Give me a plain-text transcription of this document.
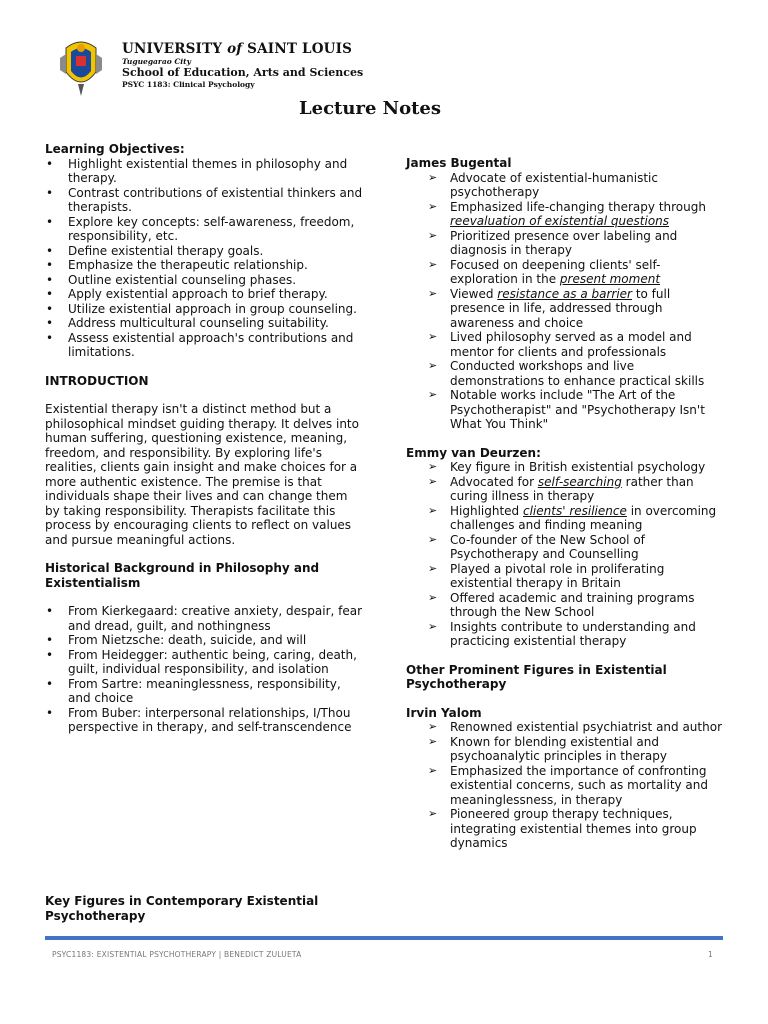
UNIVERSITY of SAINT LOUIS
Tuguegarao City
School of Education, Arts and Sciences
PSYC 1183: Clinical Psychology
Lecture Notes

Learning Objectives:

• Highlight existential themes in philosophy and therapy.
• Contrast contributions of existential thinkers and therapists.
• Explore key concepts: self-awareness, freedom, responsibility, etc.
• Define existential therapy goals.
• Emphasize the therapeutic relationship.
• Outline existential counseling phases.
• Apply existential approach to brief therapy.
• Utilize existential approach in group counseling.
• Address multicultural counseling suitability.
• Assess existential approach's contributions and limitations.

INTRODUCTION

Existential therapy isn't a distinct method but a philosophical mindset guiding therapy. It delves into human suffering, questioning existence, meaning, freedom, and responsibility. By exploring life's realities, clients gain insight and make choices for a more authentic existence. The premise is that individuals shape their lives and can change them by taking responsibility. Therapists facilitate this process by encouraging clients to reflect on values and pursue meaningful actions.

Historical Background in Philosophy and Existentialism

• From Kierkegaard: creative anxiety, despair, fear and dread, guilt, and nothingness
• From Nietzsche: death, suicide, and will
• From Heidegger: authentic being, caring, death, guilt, individual responsibility, and isolation
• From Sartre: meaninglessness, responsibility, and choice
• From Buber: interpersonal relationships, I/Thou perspective in therapy, and self-transcendence
Key Figures in Contemporary Existential Psychotherapy

James Bugental

➢ Advocate of existential-humanistic psychotherapy
➢ Emphasized life-changing therapy through reevaluation of existential questions
➢ Prioritized presence over labeling and diagnosis in therapy
➢ Focused on deepening clients' self-exploration in the present moment
➢ Viewed resistance as a barrier to full presence in life, addressed through awareness and choice
➢ Lived philosophy served as a model and mentor for clients and professionals
➢ Conducted workshops and live demonstrations to enhance practical skills
➢ Notable works include "The Art of the Psychotherapist" and "Psychotherapy Isn't What You Think"

Emmy van Deurzen:

➢ Key figure in British existential psychology
➢ Advocated for self-searching rather than curing illness in therapy
➢ Highlighted clients' resilience in overcoming challenges and finding meaning
➢ Co-founder of the New School of Psychotherapy and Counselling
➢ Played a pivotal role in proliferating existential therapy in Britain
➢ Offered academic and training programs through the New School
➢ Insights contribute to understanding and practicing existential therapy

Other Prominent Figures in Existential Psychotherapy

Irvin Yalom

➢ Renowned existential psychiatrist and author
➢ Known for blending existential and psychoanalytic principles in therapy
➢ Emphasized the importance of confronting existential concerns, such as mortality and meaninglessness, in therapy
➢ Pioneered group therapy techniques, integrating existential themes into group dynamics
PSYC1183: EXISTENTIAL PSYCHOTHERAPY | BENEDICT ZULUETA	1
